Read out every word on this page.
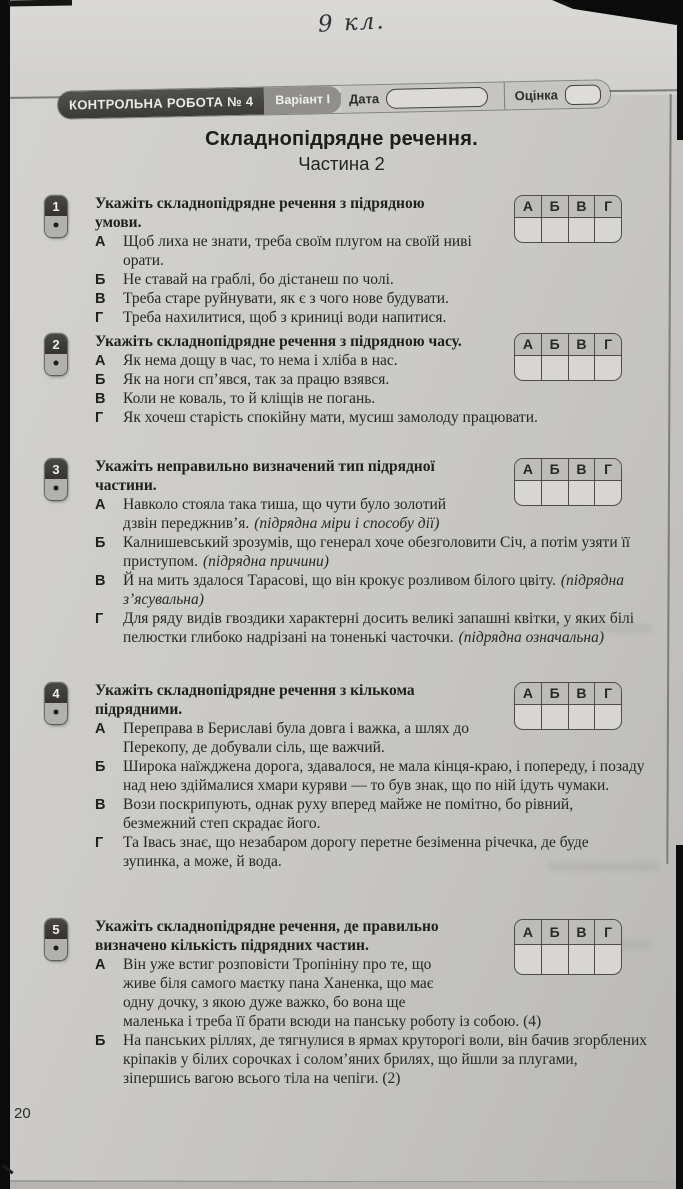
9 кл.
КОНТРОЛЬНА РОБОТА № 4	Варіант І	Дата	Оцінка
Складнопідрядне речення.
Частина 2
1	А	Б	В	Г

Укажіть складнопідрядне речення з підрядною умови.

А Щоб лиха не знати, треба своїм плугом на своїй ниві орати.

Б Не ставай на граблі, бо дістанеш по чолі.

В Треба старе руйнувати, як є з чого нове будувати.

Г Треба нахилитися, щоб з криниці води напитися.

2	А	Б	В	Г

Укажіть складнопідрядне речення з підрядною часу.

А Як нема дощу в час, то нема і хліба в нас.

Б Як на ноги сп’явся, так за працю взявся.

В Коли не коваль, то й кліщів не погань.

Г Як хочеш старість спокійну мати, мусиш замолоду працювати.

3	А	Б	В	Г

Укажіть неправильно визначений тип підрядної частини.

А Навколо стояла така тиша, що чути було золотий дзвін переджнив’я. (підрядна міри і способу дії)

Б Калнишевський зрозумів, що генерал хоче обезголовити Січ, а потім узяти її приступом. (підрядна причини)

В Й на мить здалося Тарасові, що він крокує розливом білого цвіту. (підрядна з’ясувальна)

Г Для ряду видів гвоздики характерні досить великі запашні квітки, у яких білі пелюстки глибоко надрізані на тоненькі часточки. (підрядна означальна)

4	А	Б	В	Г

Укажіть складнопідрядне речення з кількома підрядними.

А Переправа в Бериславі була довга і важка, а шлях до Перекопу, де добували сіль, ще важчий.

Б Широка наїжджена дорога, здавалося, не мала кінця-краю, і попереду, і позаду над нею здіймалися хмари куряви — то був знак, що по ній ідуть чумаки.

В Вози поскрипують, однак руху вперед майже не помітно, бо рівний, безмежний степ скрадає його.

Г Та Івась знає, що незабаром дорогу перетне безіменна річечка, де буде зупинка, а може, й вода.

5	А	Б	В	Г

Укажіть складнопідрядне речення, де правильно визначено кількість підрядних частин.

А Він уже встиг розповісти Тропініну про те, що живе біля самого маєтку пана Ханенка, що має одну дочку, з якою дуже важко, бо вона ще маленька і треба її брати всюди на панську роботу із собою. (4)

Б На панських ріллях, де тягнулися в ярмах круторогі воли, він бачив згорблених кріпаків у білих сорочках і солом’яних брилях, що йшли за плугами, зіпершись вагою всього тіла на чепіги. (2)

20
